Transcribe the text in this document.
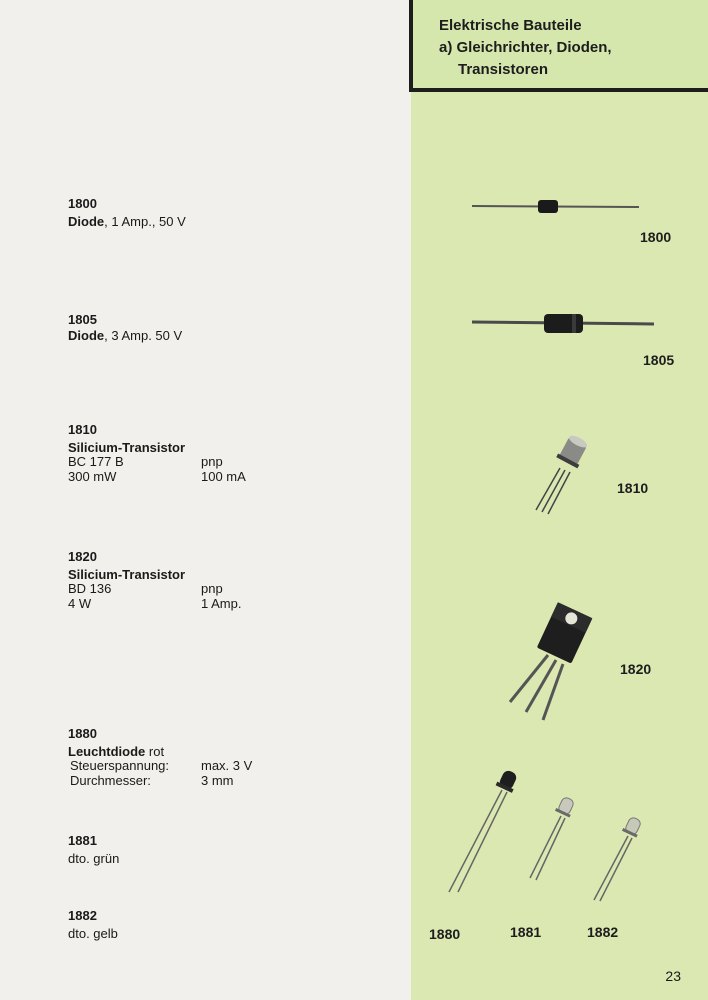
Elektrische Bauteile
a) Gleichrichter, Dioden,
Transistoren
1800
Diode, 1 Amp., 50 V
1805
Diode, 3 Amp. 50 V
1810
Silicium-Transistor
BC 177 B	pnp
300 mW	100 mA
1820
Silicium-Transistor
BD 136	pnp
4 W	1 Amp.
1880
Leuchtdiode rot
Steuerspannung:	max. 3 V
Durchmesser:	3 mm
1881
dto. grün
1882
dto. gelb
1800
1805
1810
1820
1880	1881	1882
23
